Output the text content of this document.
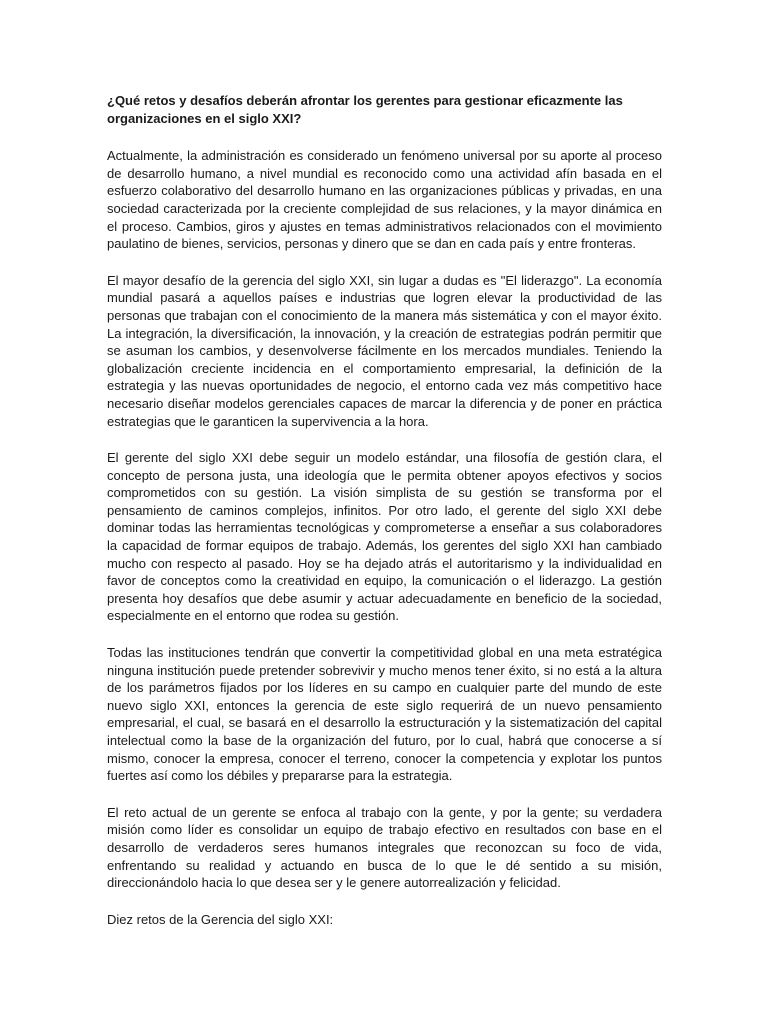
¿Qué retos y desafíos deberán afrontar los gerentes para gestionar eficazmente las organizaciones en el siglo XXI?

Actualmente, la administración es considerado un fenómeno universal por su aporte al proceso de desarrollo humano, a nivel mundial es reconocido como una actividad afín basada en el esfuerzo colaborativo del desarrollo humano en las organizaciones públicas y privadas, en una sociedad caracterizada por la creciente complejidad de sus relaciones, y la mayor dinámica en el proceso. Cambios, giros y ajustes en temas administrativos relacionados con el movimiento paulatino de bienes, servicios, personas y dinero que se dan en cada país y entre fronteras.

El mayor desafío de la gerencia del siglo XXI, sin lugar a dudas es "El liderazgo". La economía mundial pasará a aquellos países e industrias que logren elevar la productividad de las personas que trabajan con el conocimiento de la manera más sistemática y con el mayor éxito. La integración, la diversificación, la innovación, y la creación de estrategias podrán permitir que se asuman los cambios, y desenvolverse fácilmente en los mercados mundiales. Teniendo la globalización creciente incidencia en el comportamiento empresarial, la definición de la estrategia y las nuevas oportunidades de negocio, el entorno cada vez más competitivo hace necesario diseñar modelos gerenciales capaces de marcar la diferencia y de poner en práctica estrategias que le garanticen la supervivencia a la hora.

El gerente del siglo XXI debe seguir un modelo estándar, una filosofía de gestión clara, el concepto de persona justa, una ideología que le permita obtener apoyos efectivos y socios comprometidos con su gestión. La visión simplista de su gestión se transforma por el pensamiento de caminos complejos, infinitos. Por otro lado, el gerente del siglo XXI debe dominar todas las herramientas tecnológicas y comprometerse a enseñar a sus colaboradores la capacidad de formar equipos de trabajo. Además, los gerentes del siglo XXI han cambiado mucho con respecto al pasado. Hoy se ha dejado atrás el autoritarismo y la individualidad en favor de conceptos como la creatividad en equipo, la comunicación o el liderazgo. La gestión presenta hoy desafíos que debe asumir y actuar adecuadamente en beneficio de la sociedad, especialmente en el entorno que rodea su gestión.

Todas las instituciones tendrán que convertir la competitividad global en una meta estratégica ninguna institución puede pretender sobrevivir y mucho menos tener éxito, si no está a la altura de los parámetros fijados por los líderes en su campo en cualquier parte del mundo de este nuevo siglo XXI, entonces la gerencia de este siglo requerirá de un nuevo pensamiento empresarial, el cual, se basará en el desarrollo la estructuración y la sistematización del capital intelectual como la base de la organización del futuro, por lo cual, habrá que conocerse a sí mismo, conocer la empresa, conocer el terreno, conocer la competencia y explotar los puntos fuertes así como los débiles y prepararse para la estrategia.

El reto actual de un gerente se enfoca al trabajo con la gente, y por la gente; su verdadera misión como líder es consolidar un equipo de trabajo efectivo en resultados con base en el desarrollo de verdaderos seres humanos integrales que reconozcan su foco de vida, enfrentando su realidad y actuando en busca de lo que le dé sentido a su misión, direccionándolo hacia lo que desea ser y le genere autorrealización y felicidad.

Diez retos de la Gerencia del siglo XXI:
